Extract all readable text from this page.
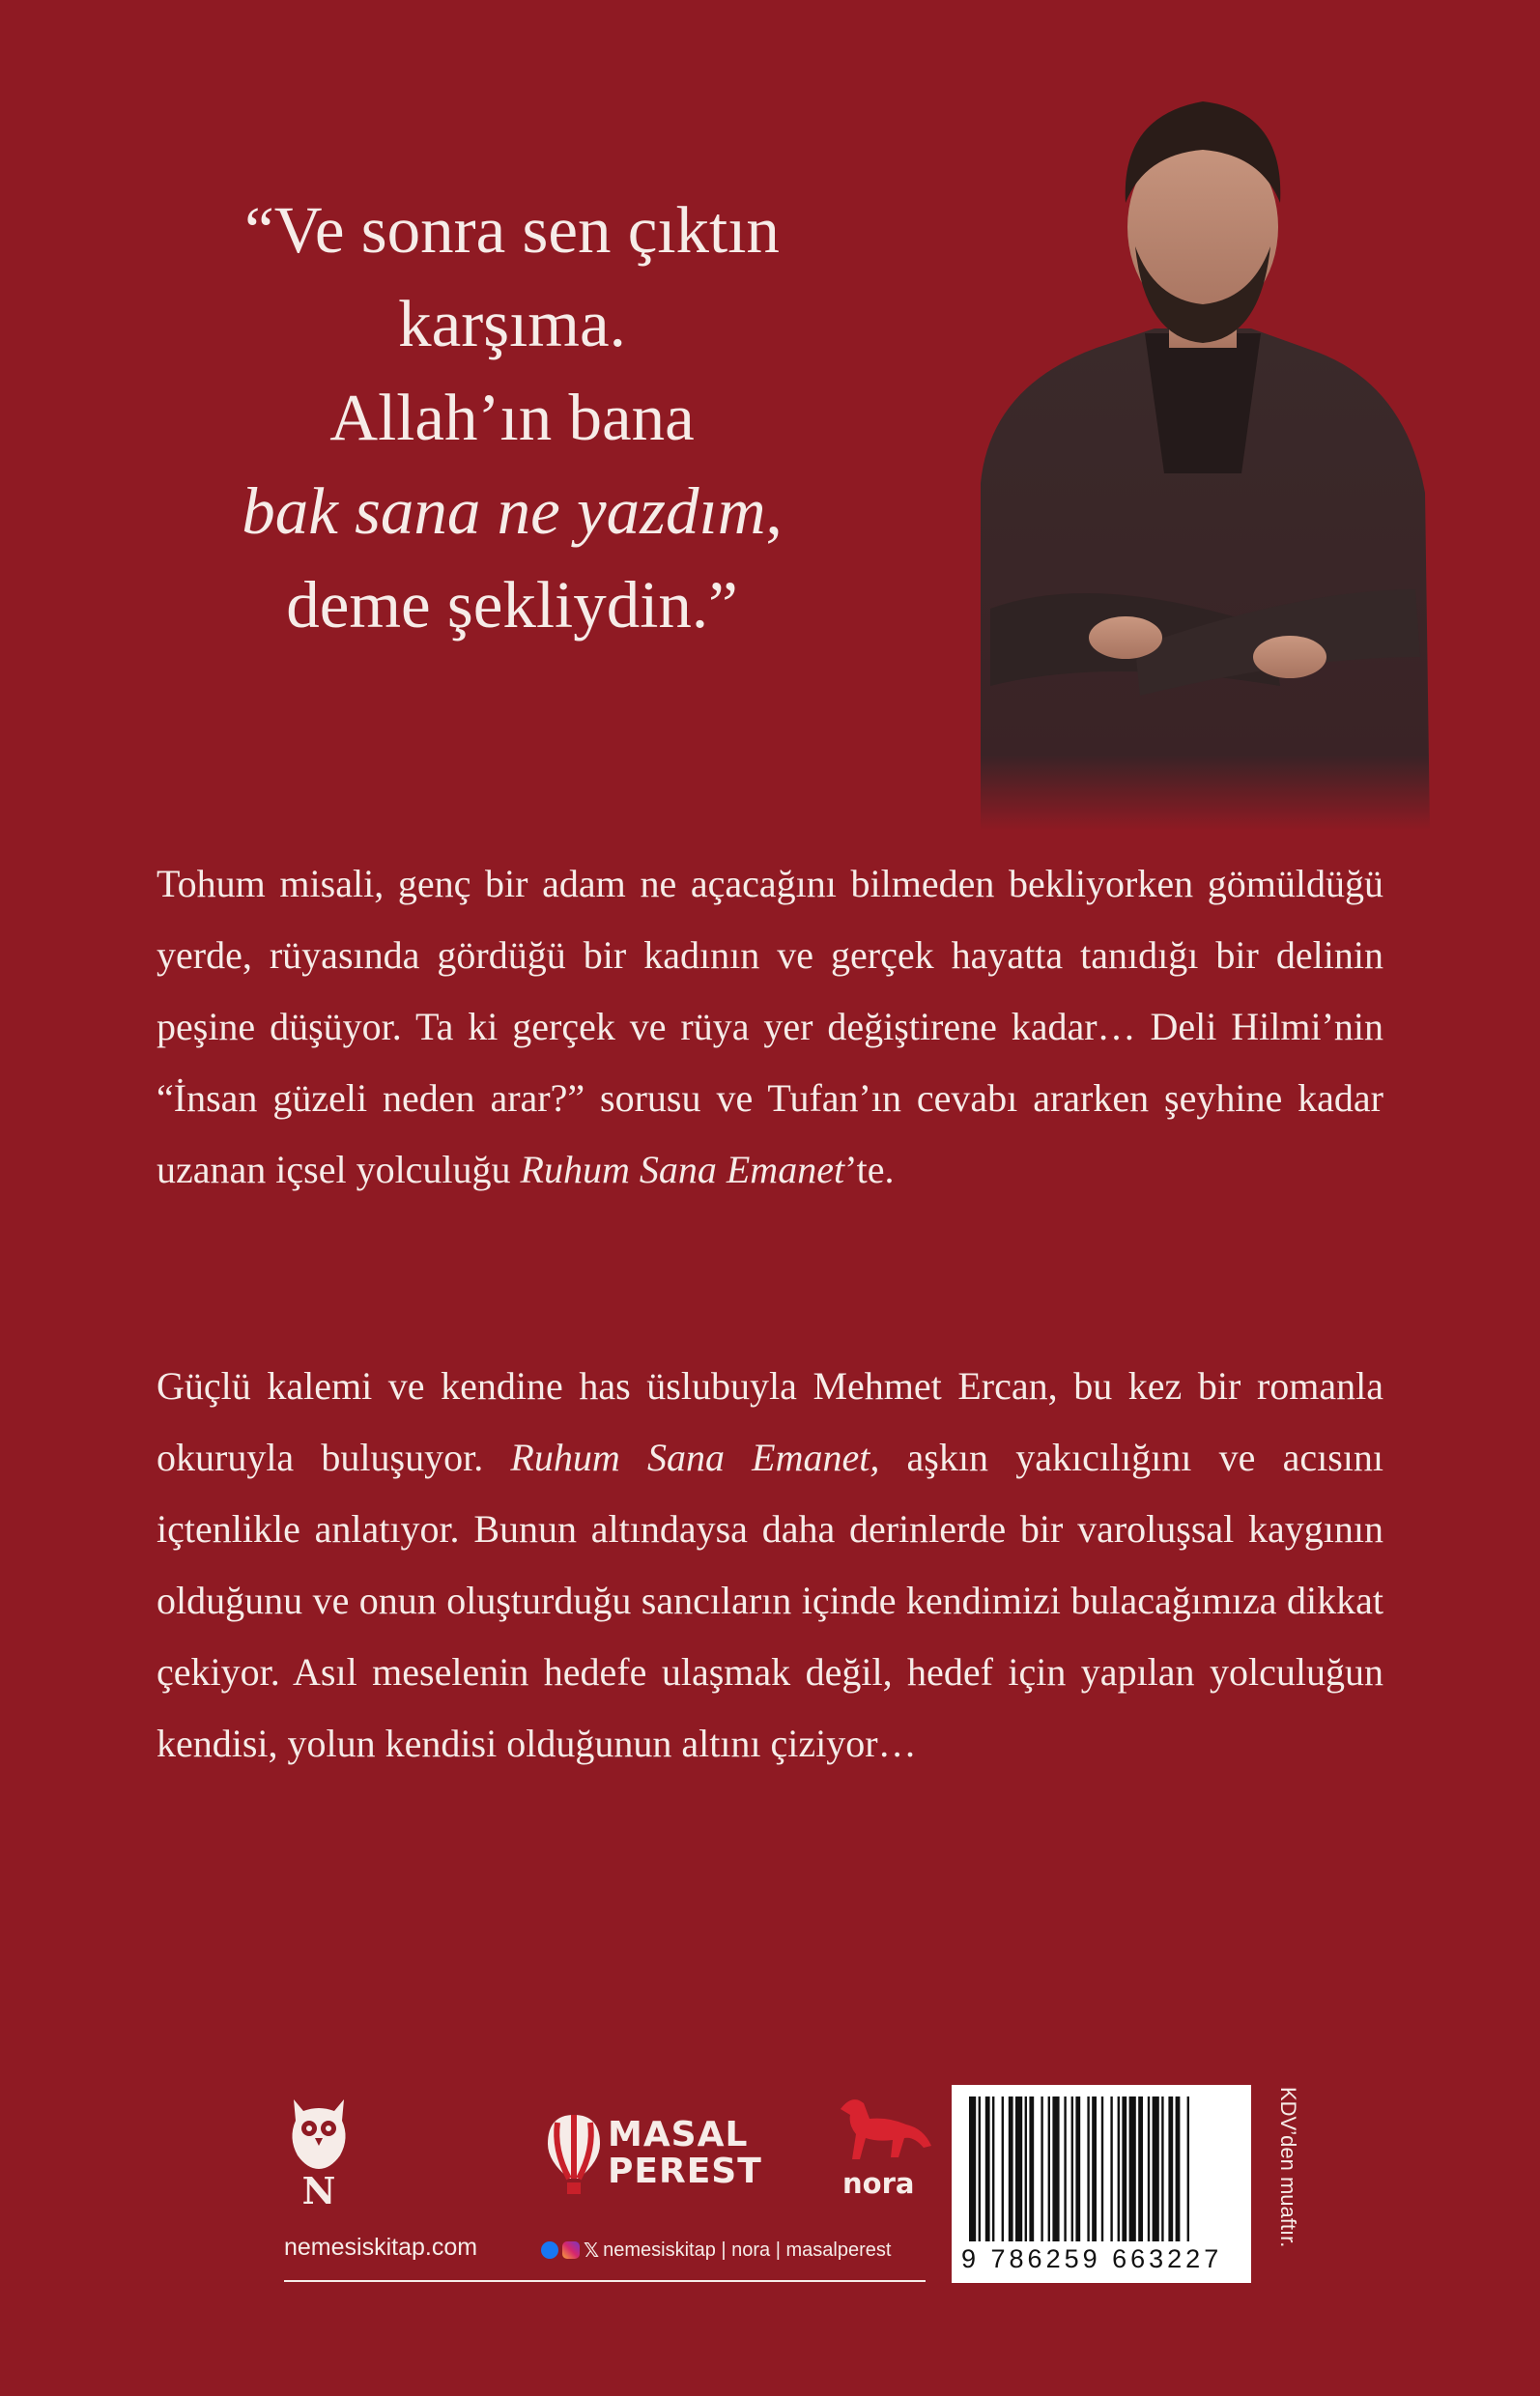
“Ve sonra sen çıktın
karşıma.
Allah’ın bana
bak sana ne yazdım,
deme şekliydin.”
Tohum misali, genç bir adam ne açacağını bilmeden bekliyorken gömüldüğü yerde, rüyasında gördüğü bir kadının ve gerçek hayatta tanıdığı bir delinin peşine düşüyor. Ta ki gerçek ve rüya yer değiştirene kadar… Deli Hilmi’nin “İnsan güzeli neden arar?” sorusu ve Tufan’ın cevabı ararken şeyhine kadar uzanan içsel yolculuğu Ruhum Sana Emanet’te.
Güçlü kalemi ve kendine has üslubuyla Mehmet Ercan, bu kez bir romanla okuruyla buluşuyor. Ruhum Sana Emanet, aşkın yakıcılığını ve acısını içtenlikle anlatıyor. Bunun altındaysa daha derinlerde bir varoluşsal kaygının olduğunu ve onun oluşturduğu sancıların içinde kendimizi bulacağımıza dikkat çekiyor. Asıl meselenin hedefe ulaşmak değil, hedef için yapılan yolculuğun kendisi, yolun kendisi olduğunun altını çiziyor…
N
MASAL
PEREST	nora
nemesiskitap.com	𝕏 nemesiskitap | nora | masalperest	9 786259 663227
KDV’den muaftır.
